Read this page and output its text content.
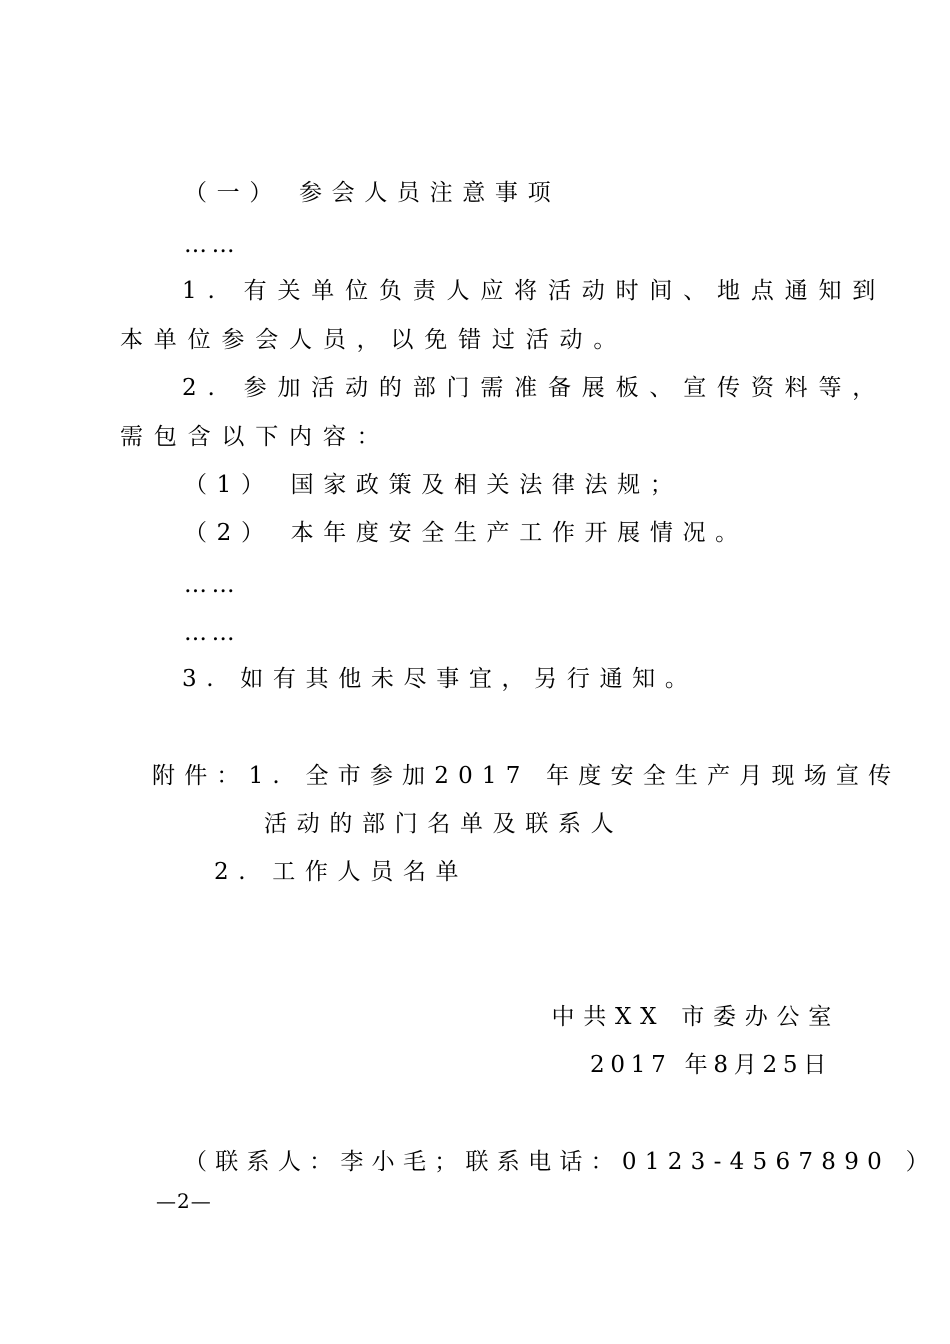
（一） 参会人员注意事项
……
1. 有关单位负责人应将活动时间、地点通知到
本单位参会人员，以免错过活动。
2. 参加活动的部门需准备展板、宣传资料等，
需包含以下内容：
（1） 国家政策及相关法律法规；
（2） 本年度安全生产工作开展情况。
……
……
3. 如有其他未尽事宜，另行通知。
附件：1. 全市参加2017 年度安全生产月现场宣传
活动的部门名单及联系人
2. 工作人员名单
中共XX 市委办公室
2017 年8月25日
（联系人：李小毛；联系电话：0123-4567890 ）
—2—
